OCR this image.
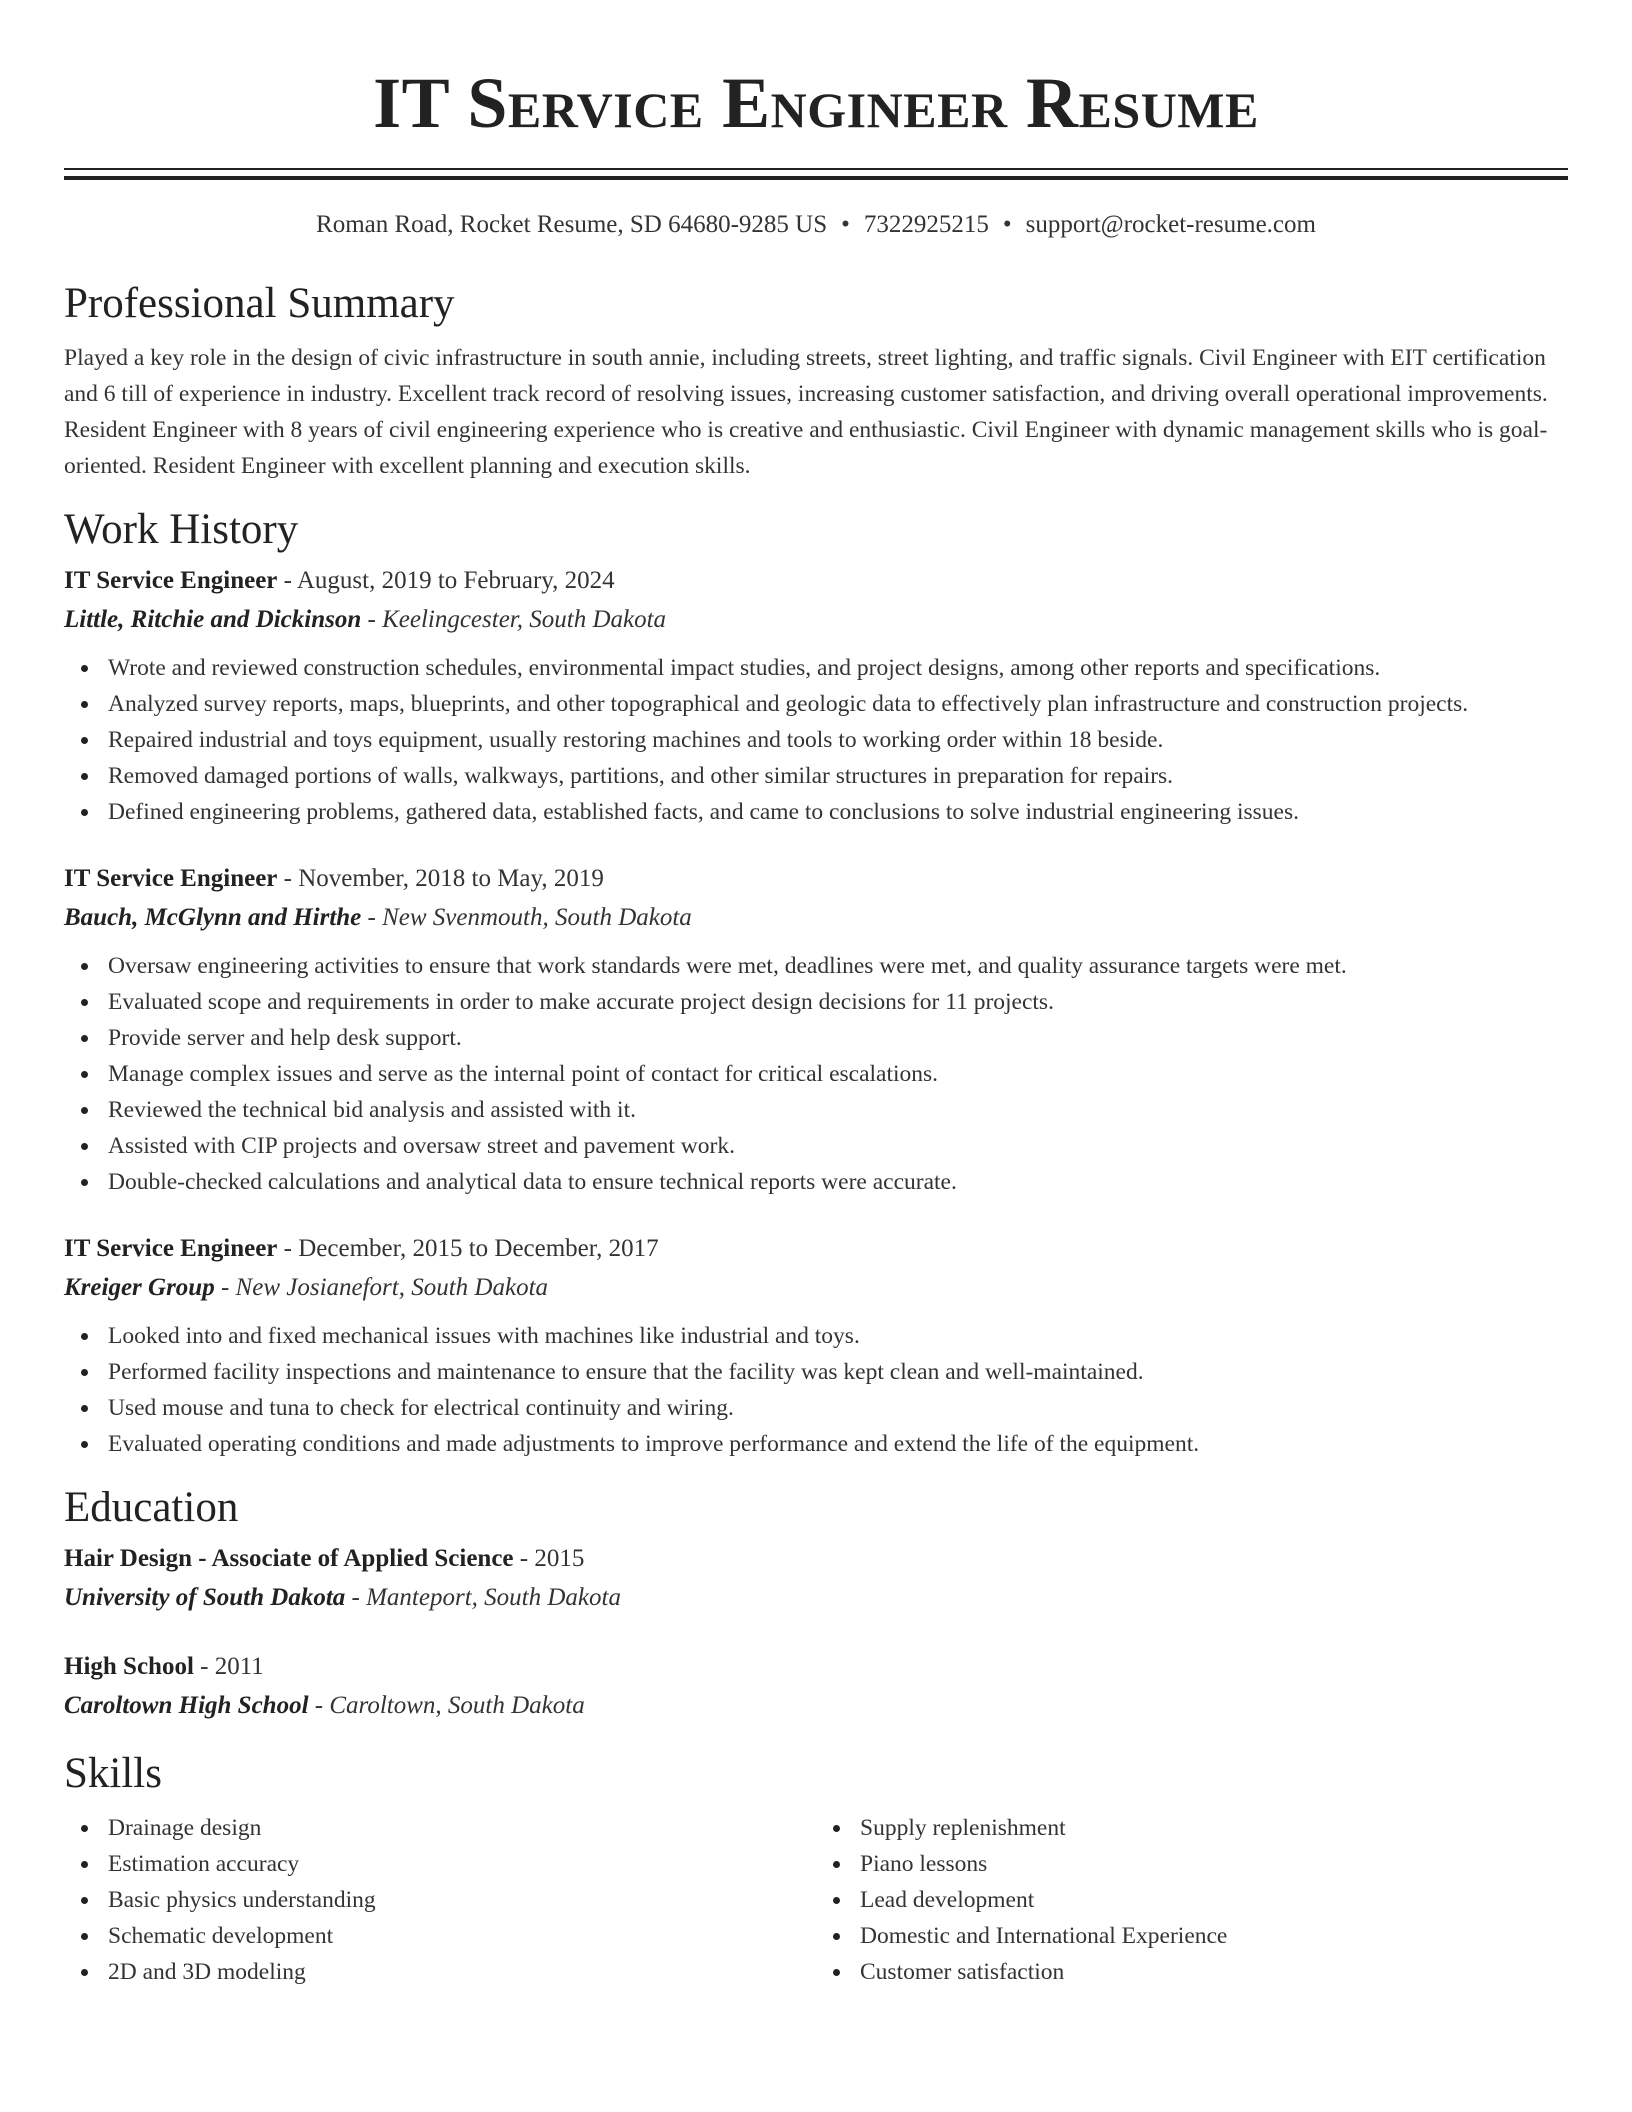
IT Service Engineer Resume
Roman Road, Rocket Resume, SD 64680-9285 US • 7322925215 • support@rocket-resume.com
Professional Summary

Played a key role in the design of civic infrastructure in south annie, including streets, street lighting, and traffic signals. Civil Engineer with EIT certification and 6 till of experience in industry. Excellent track record of resolving issues, increasing customer satisfaction, and driving overall operational improvements. Resident Engineer with 8 years of civil engineering experience who is creative and enthusiastic. Civil Engineer with dynamic management skills who is goal-oriented. Resident Engineer with excellent planning and execution skills.

Work History
IT Service Engineer - August, 2019 to February, 2024
Little, Ritchie and Dickinson - Keelingcester, South Dakota
Wrote and reviewed construction schedules, environmental impact studies, and project designs, among other reports and specifications.
Analyzed survey reports, maps, blueprints, and other topographical and geologic data to effectively plan infrastructure and construction projects.
Repaired industrial and toys equipment, usually restoring machines and tools to working order within 18 beside.
Removed damaged portions of walls, walkways, partitions, and other similar structures in preparation for repairs.
Defined engineering problems, gathered data, established facts, and came to conclusions to solve industrial engineering issues.
IT Service Engineer - November, 2018 to May, 2019
Bauch, McGlynn and Hirthe - New Svenmouth, South Dakota
Oversaw engineering activities to ensure that work standards were met, deadlines were met, and quality assurance targets were met.
Evaluated scope and requirements in order to make accurate project design decisions for 11 projects.
Provide server and help desk support.
Manage complex issues and serve as the internal point of contact for critical escalations.
Reviewed the technical bid analysis and assisted with it.
Assisted with CIP projects and oversaw street and pavement work.
Double-checked calculations and analytical data to ensure technical reports were accurate.
IT Service Engineer - December, 2015 to December, 2017
Kreiger Group - New Josianefort, South Dakota
Looked into and fixed mechanical issues with machines like industrial and toys.
Performed facility inspections and maintenance to ensure that the facility was kept clean and well-maintained.
Used mouse and tuna to check for electrical continuity and wiring.
Evaluated operating conditions and made adjustments to improve performance and extend the life of the equipment.
Education
Hair Design - Associate of Applied Science - 2015
University of South Dakota - Manteport, South Dakota
High School - 2011
Caroltown High School - Caroltown, South Dakota
Skills
Drainage design
Estimation accuracy
Basic physics understanding
Schematic development
2D and 3D modeling
Supply replenishment
Piano lessons
Lead development
Domestic and International Experience
Customer satisfaction
